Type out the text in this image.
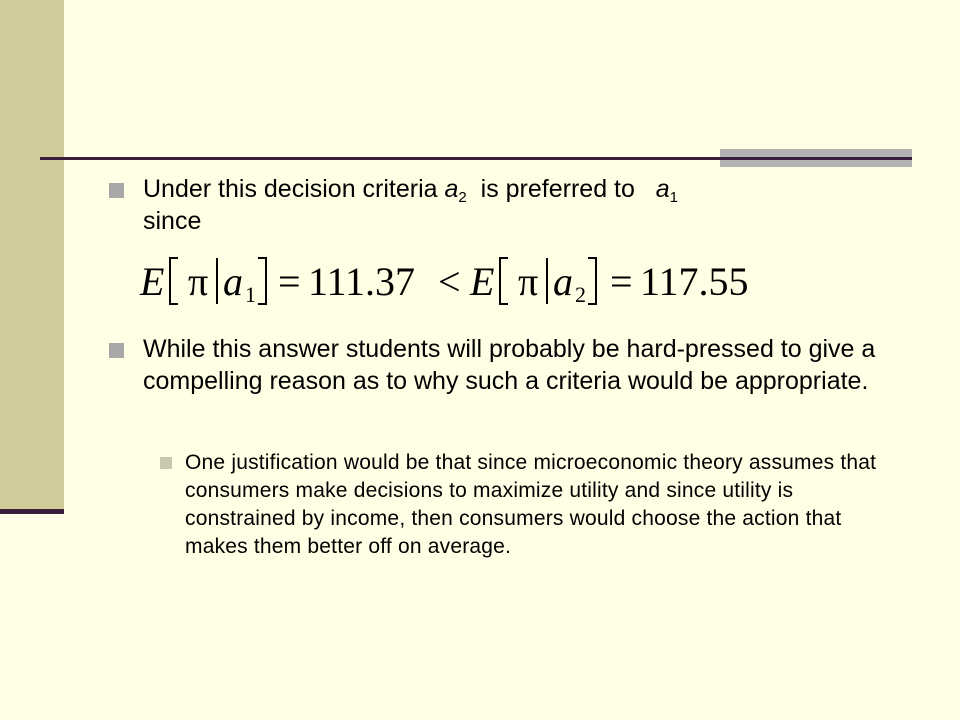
Under this decision criteria $a_2$  is preferred to   $a_1$
since
E π a 1 = 111.37 < E π a 2 = 117.55
While this answer students will probably be hard-pressed to give a compelling reason as to why such a criteria would be appropriate.
One justification would be that since microeconomic theory assumes that consumers make decisions to maximize utility and since utility is constrained by income, then consumers would choose the action that makes them better off on average.
